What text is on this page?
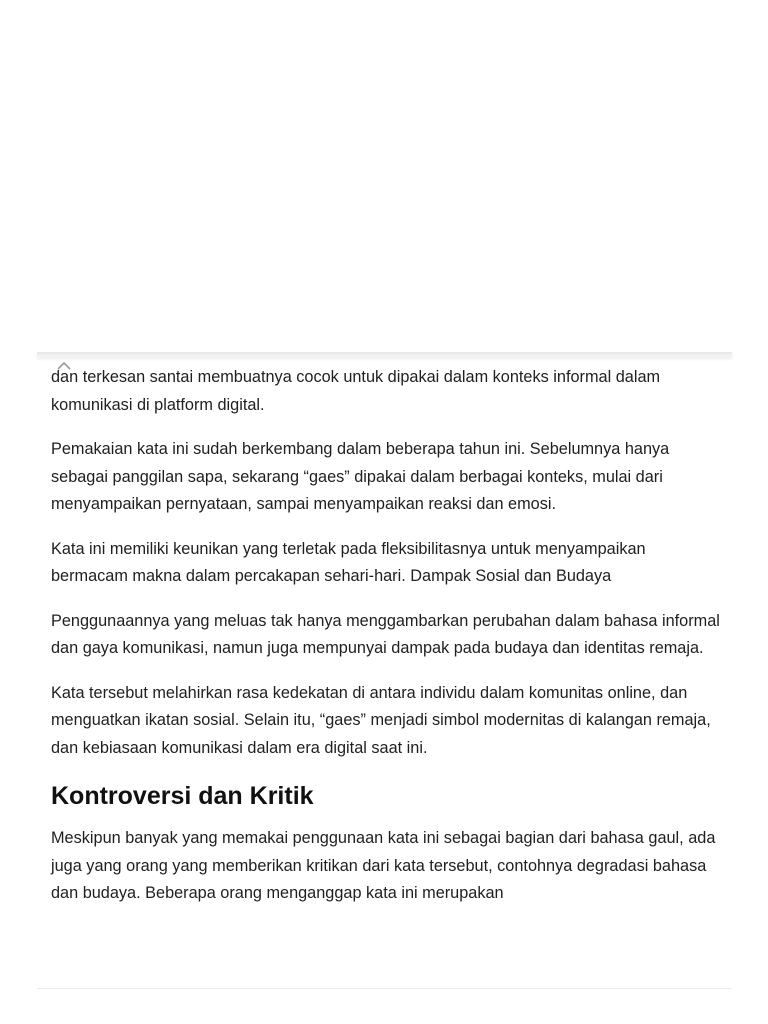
dan terkesan santai membuatnya cocok untuk dipakai dalam konteks informal dalam komunikasi di platform digital.

Pemakaian kata ini sudah berkembang dalam beberapa tahun ini. Sebelumnya hanya sebagai panggilan sapa, sekarang “gaes” dipakai dalam berbagai konteks, mulai dari menyampaikan pernyataan, sampai menyampaikan reaksi dan emosi.

Kata ini memiliki keunikan yang terletak pada fleksibilitasnya untuk menyampaikan bermacam makna dalam percakapan sehari-hari. Dampak Sosial dan Budaya

Penggunaannya yang meluas tak hanya menggambarkan perubahan dalam bahasa informal dan gaya komunikasi, namun juga mempunyai dampak pada budaya dan identitas remaja.

Kata tersebut melahirkan rasa kedekatan di antara individu dalam komunitas online, dan menguatkan ikatan sosial. Selain itu, “gaes” menjadi simbol modernitas di kalangan remaja, dan kebiasaan komunikasi dalam era digital saat ini.

Kontroversi dan Kritik

Meskipun banyak yang memakai penggunaan kata ini sebagai bagian dari bahasa gaul, ada juga yang orang yang memberikan kritikan dari kata tersebut, contohnya degradasi bahasa dan budaya. Beberapa orang menganggap kata ini merupakan
